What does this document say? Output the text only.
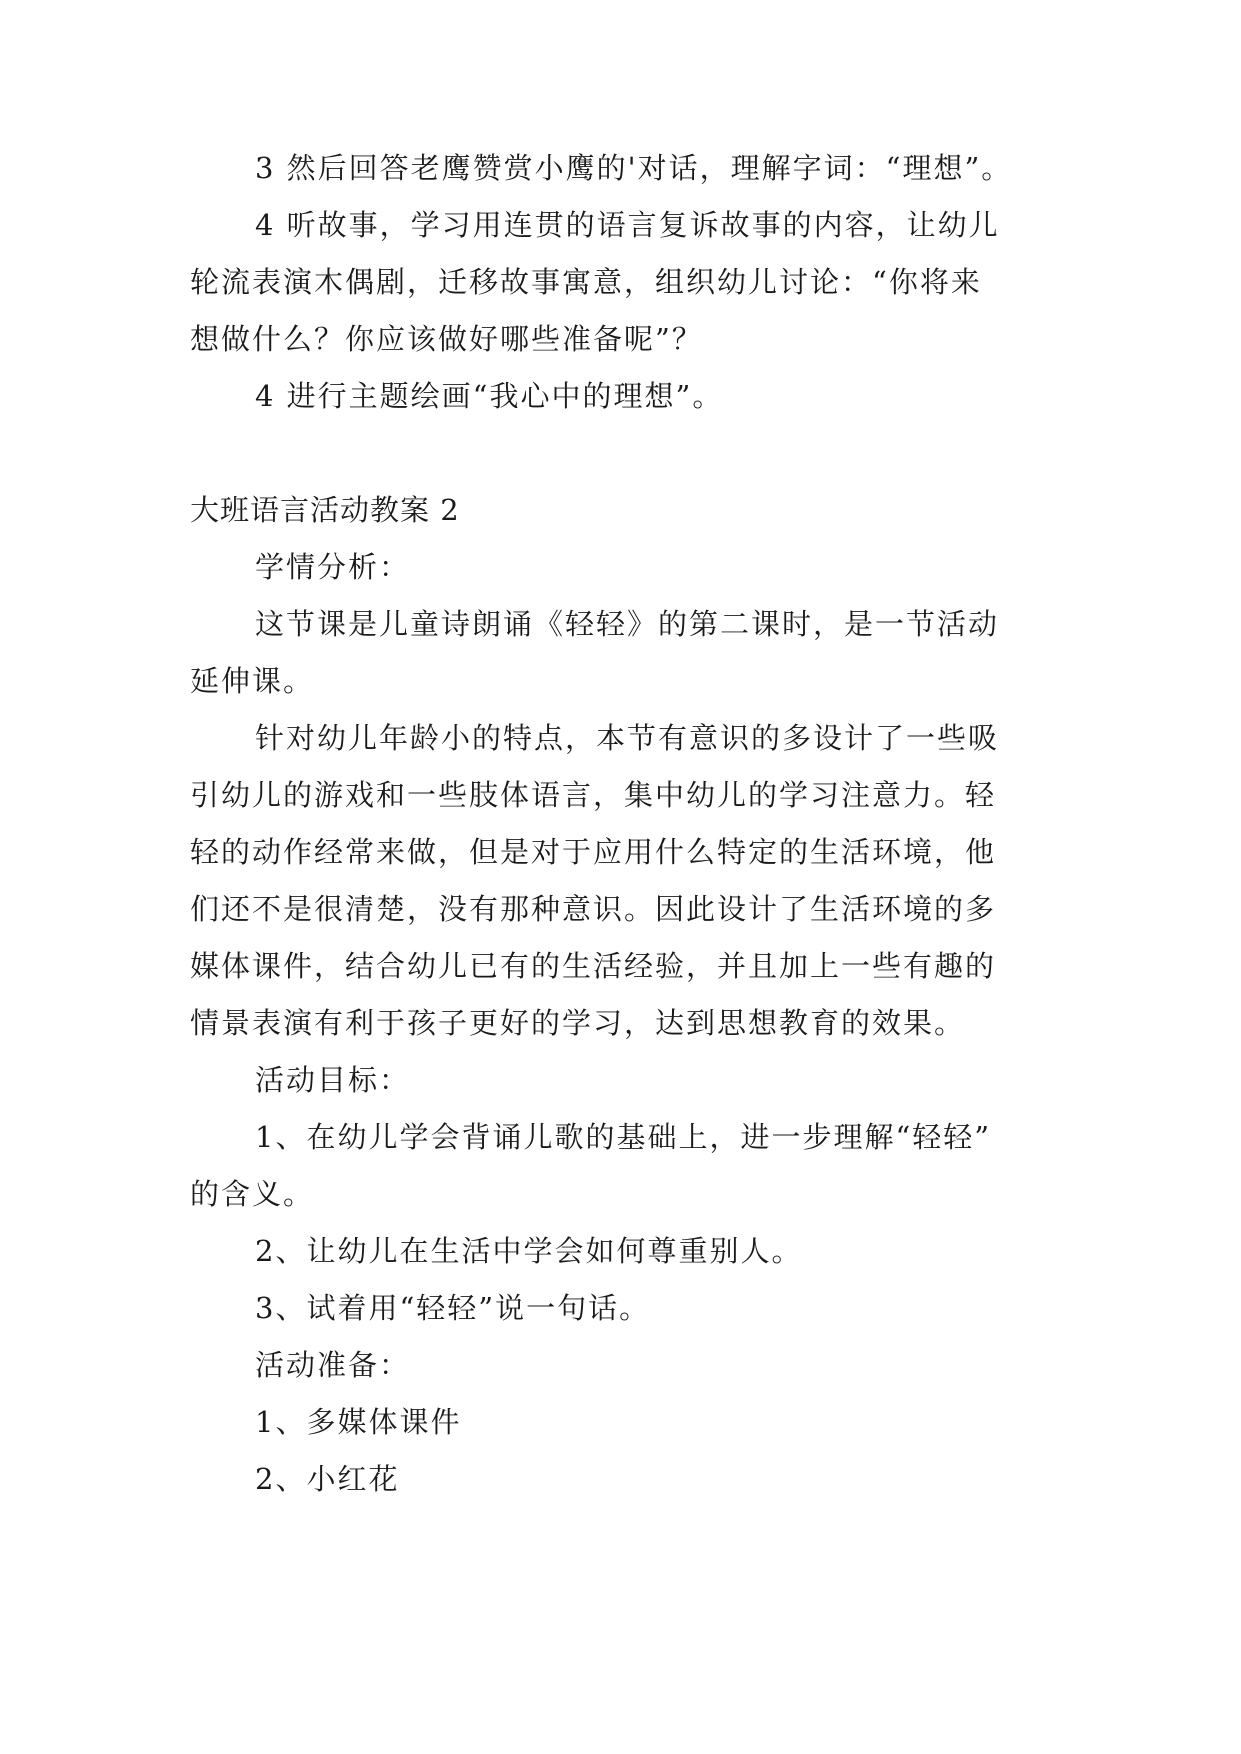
3 然后回答老鹰赞赏小鹰的'对话，理解字词：“理想”。

4 听故事，学习用连贯的语言复诉故事的内容，让幼儿

轮流表演木偶剧，迁移故事寓意，组织幼儿讨论：“你将来

想做什么？你应该做好哪些准备呢”？

4 进行主题绘画“我心中的理想”。

大班语言活动教案 2

学情分析：

这节课是儿童诗朗诵《轻轻》的第二课时，是一节活动

延伸课。

针对幼儿年龄小的特点，本节有意识的多设计了一些吸

引幼儿的游戏和一些肢体语言，集中幼儿的学习注意力。轻

轻的动作经常来做，但是对于应用什么特定的生活环境，他

们还不是很清楚，没有那种意识。因此设计了生活环境的多

媒体课件，结合幼儿已有的生活经验，并且加上一些有趣的

情景表演有利于孩子更好的学习，达到思想教育的效果。

活动目标：

1、在幼儿学会背诵儿歌的基础上，进一步理解“轻轻”

的含义。

2、让幼儿在生活中学会如何尊重别人。

3、试着用“轻轻”说一句话。

活动准备：

1、多媒体课件

2、小红花
